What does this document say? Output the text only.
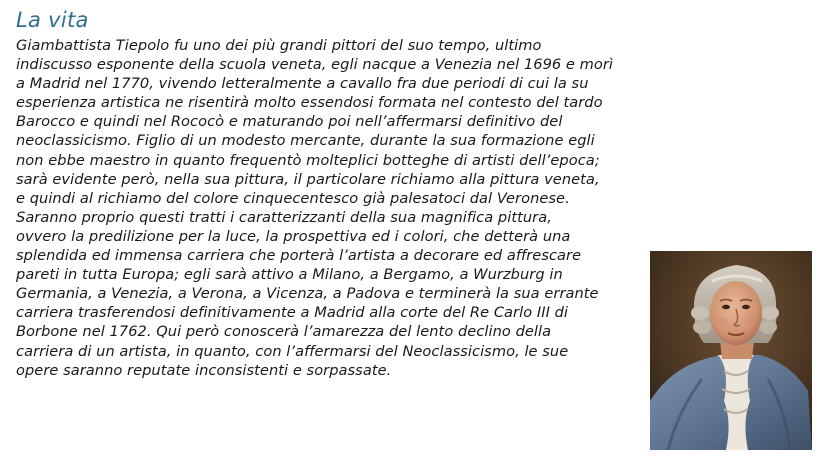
La vita

Giambattista Tiepolo fu uno dei più grandi pittori del suo tempo, ultimo
indiscusso esponente della scuola veneta, egli nacque a Venezia nel 1696 e morì
a Madrid nel 1770, vivendo letteralmente a cavallo fra due periodi di cui la su
esperienza artistica ne risentirà molto essendosi formata nel contesto del tardo
Barocco e quindi nel Rococò e maturando poi nell’affermarsi definitivo del
neoclassicismo. Figlio di un modesto mercante, durante la sua formazione egli
non ebbe maestro in quanto frequentò molteplici botteghe di artisti dell’epoca;
sarà evidente però, nella sua pittura, il particolare richiamo alla pittura veneta,
e quindi al richiamo del colore cinquecentesco già palesatoci dal Veronese.
Saranno proprio questi tratti i caratterizzanti della sua magnifica pittura,
ovvero la predilizione per la luce, la prospettiva ed i colori, che detterà una
splendida ed immensa carriera che porterà l’artista a decorare ed affrescare
pareti in tutta Europa; egli sarà attivo a Milano, a Bergamo, a Wurzburg in
Germania, a Venezia, a Verona, a Vicenza, a Padova e terminerà la sua errante
carriera trasferendosi definitivamente a Madrid alla corte del Re Carlo III di
Borbone nel 1762. Qui però conoscerà l’amarezza del lento declino della
carriera di un artista, in quanto, con l’affermarsi del Neoclassicismo, le sue
opere saranno reputate inconsistenti e sorpassate.
